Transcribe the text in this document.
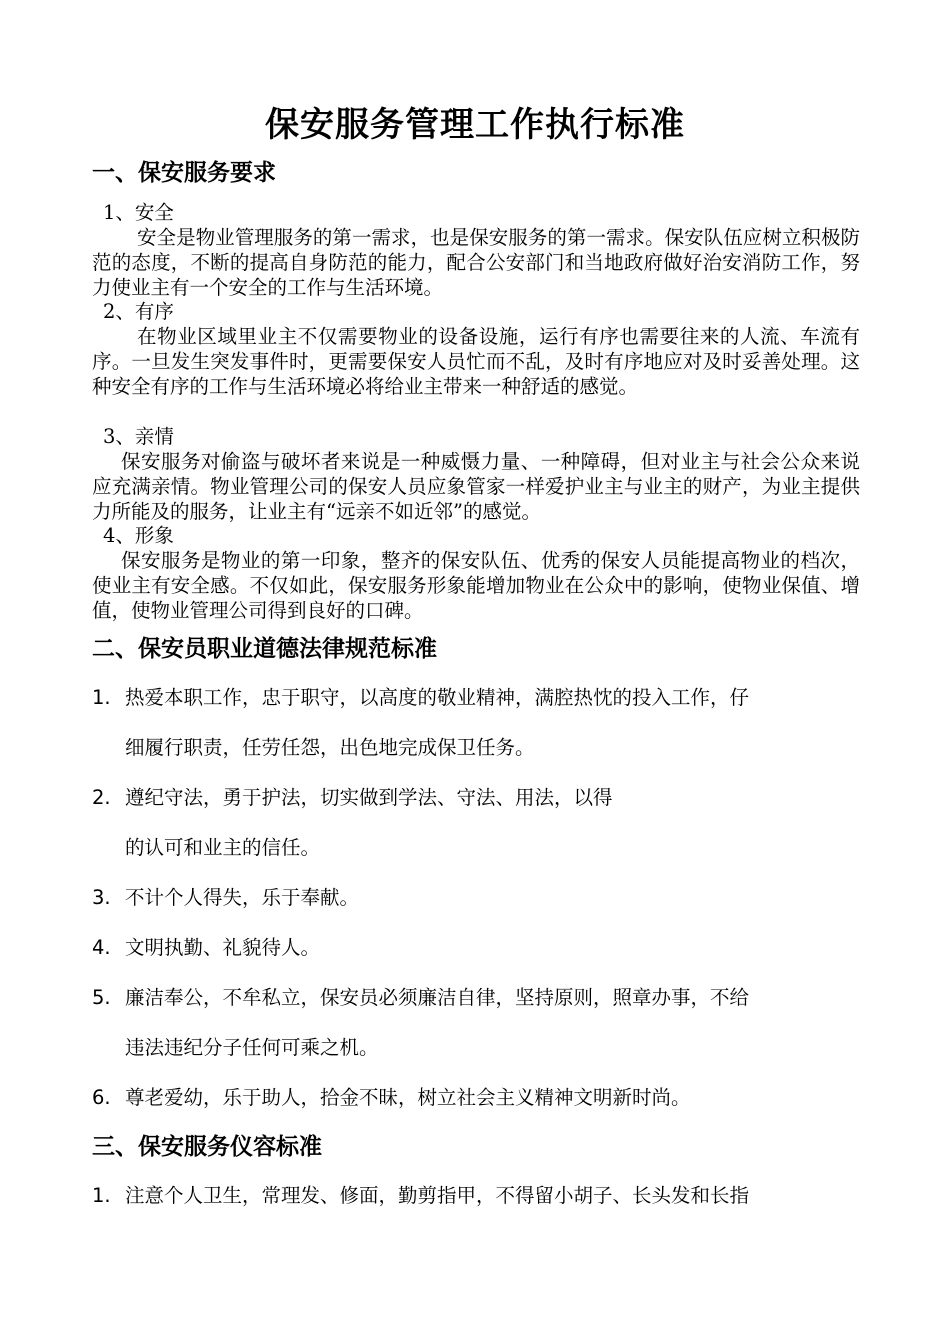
保安服务管理工作执行标准
一、保安服务要求
1、安全
安全是物业管理服务的第一需求，也是保安服务的第一需求。保安队伍应树立积极防范的态度，不断的提高自身防范的能力，配合公安部门和当地政府做好治安消防工作，努力使业主有一个安全的工作与生活环境。
2、有序
在物业区域里业主不仅需要物业的设备设施，运行有序也需要往来的人流、车流有序。一旦发生突发事件时，更需要保安人员忙而不乱，及时有序地应对及时妥善处理。这种安全有序的工作与生活环境必将给业主带来一种舒适的感觉。
3、亲情
保安服务对偷盗与破坏者来说是一种威慑力量、一种障碍，但对业主与社会公众来说应充满亲情。物业管理公司的保安人员应象管家一样爱护业主与业主的财产，为业主提供力所能及的服务，让业主有“远亲不如近邻”的感觉。
4、形象
保安服务是物业的第一印象，整齐的保安队伍、优秀的保安人员能提高物业的档次，使业主有安全感。不仅如此，保安服务形象能增加物业在公众中的影响，使物业保值、增值，使物业管理公司得到良好的口碑。
二、保安员职业道德法律规范标准
1. 热爱本职工作，忠于职守，以高度的敬业精神，满腔热忱的投入工作，仔
细履行职责，任劳任怨，出色地完成保卫任务。
2. 遵纪守法，勇于护法，切实做到学法、守法、用法，以得
的认可和业主的信任。
3. 不计个人得失，乐于奉献。
4. 文明执勤、礼貌待人。
5. 廉洁奉公，不牟私立，保安员必须廉洁自律，坚持原则，照章办事，不给
违法违纪分子任何可乘之机。
6. 尊老爱幼，乐于助人，拾金不昧，树立社会主义精神文明新时尚。
三、保安服务仪容标准
1. 注意个人卫生，常理发、修面，勤剪指甲，不得留小胡子、长头发和长指
